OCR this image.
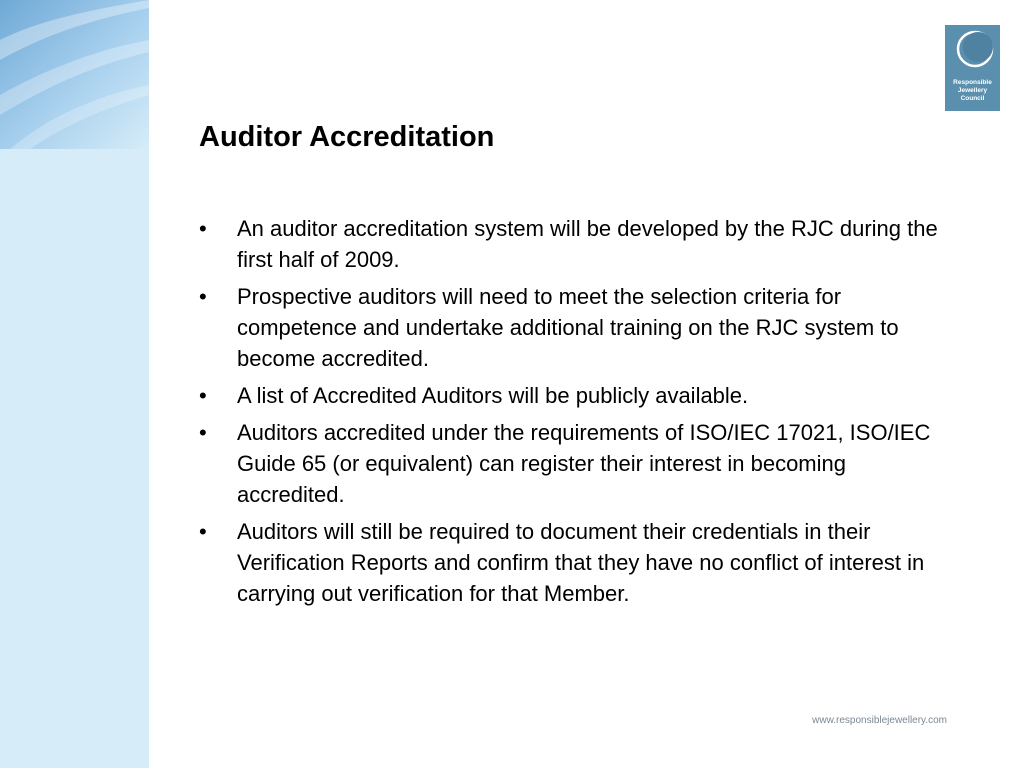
Responsible
Jewellery
Council
Auditor Accreditation
• An auditor accreditation system will be developed by the RJC during the first half of 2009.
• Prospective auditors will need to meet the selection criteria for competence and undertake additional training on the RJC system to become accredited.
• A list of Accredited Auditors will be publicly available.
• Auditors accredited under the requirements of ISO/IEC 17021, ISO/IEC Guide 65 (or equivalent) can register their interest in becoming accredited.
• Auditors will still be required to document their credentials in their Verification Reports and confirm that they have no conflict of interest in carrying out verification for that Member.
www.responsiblejewellery.com
